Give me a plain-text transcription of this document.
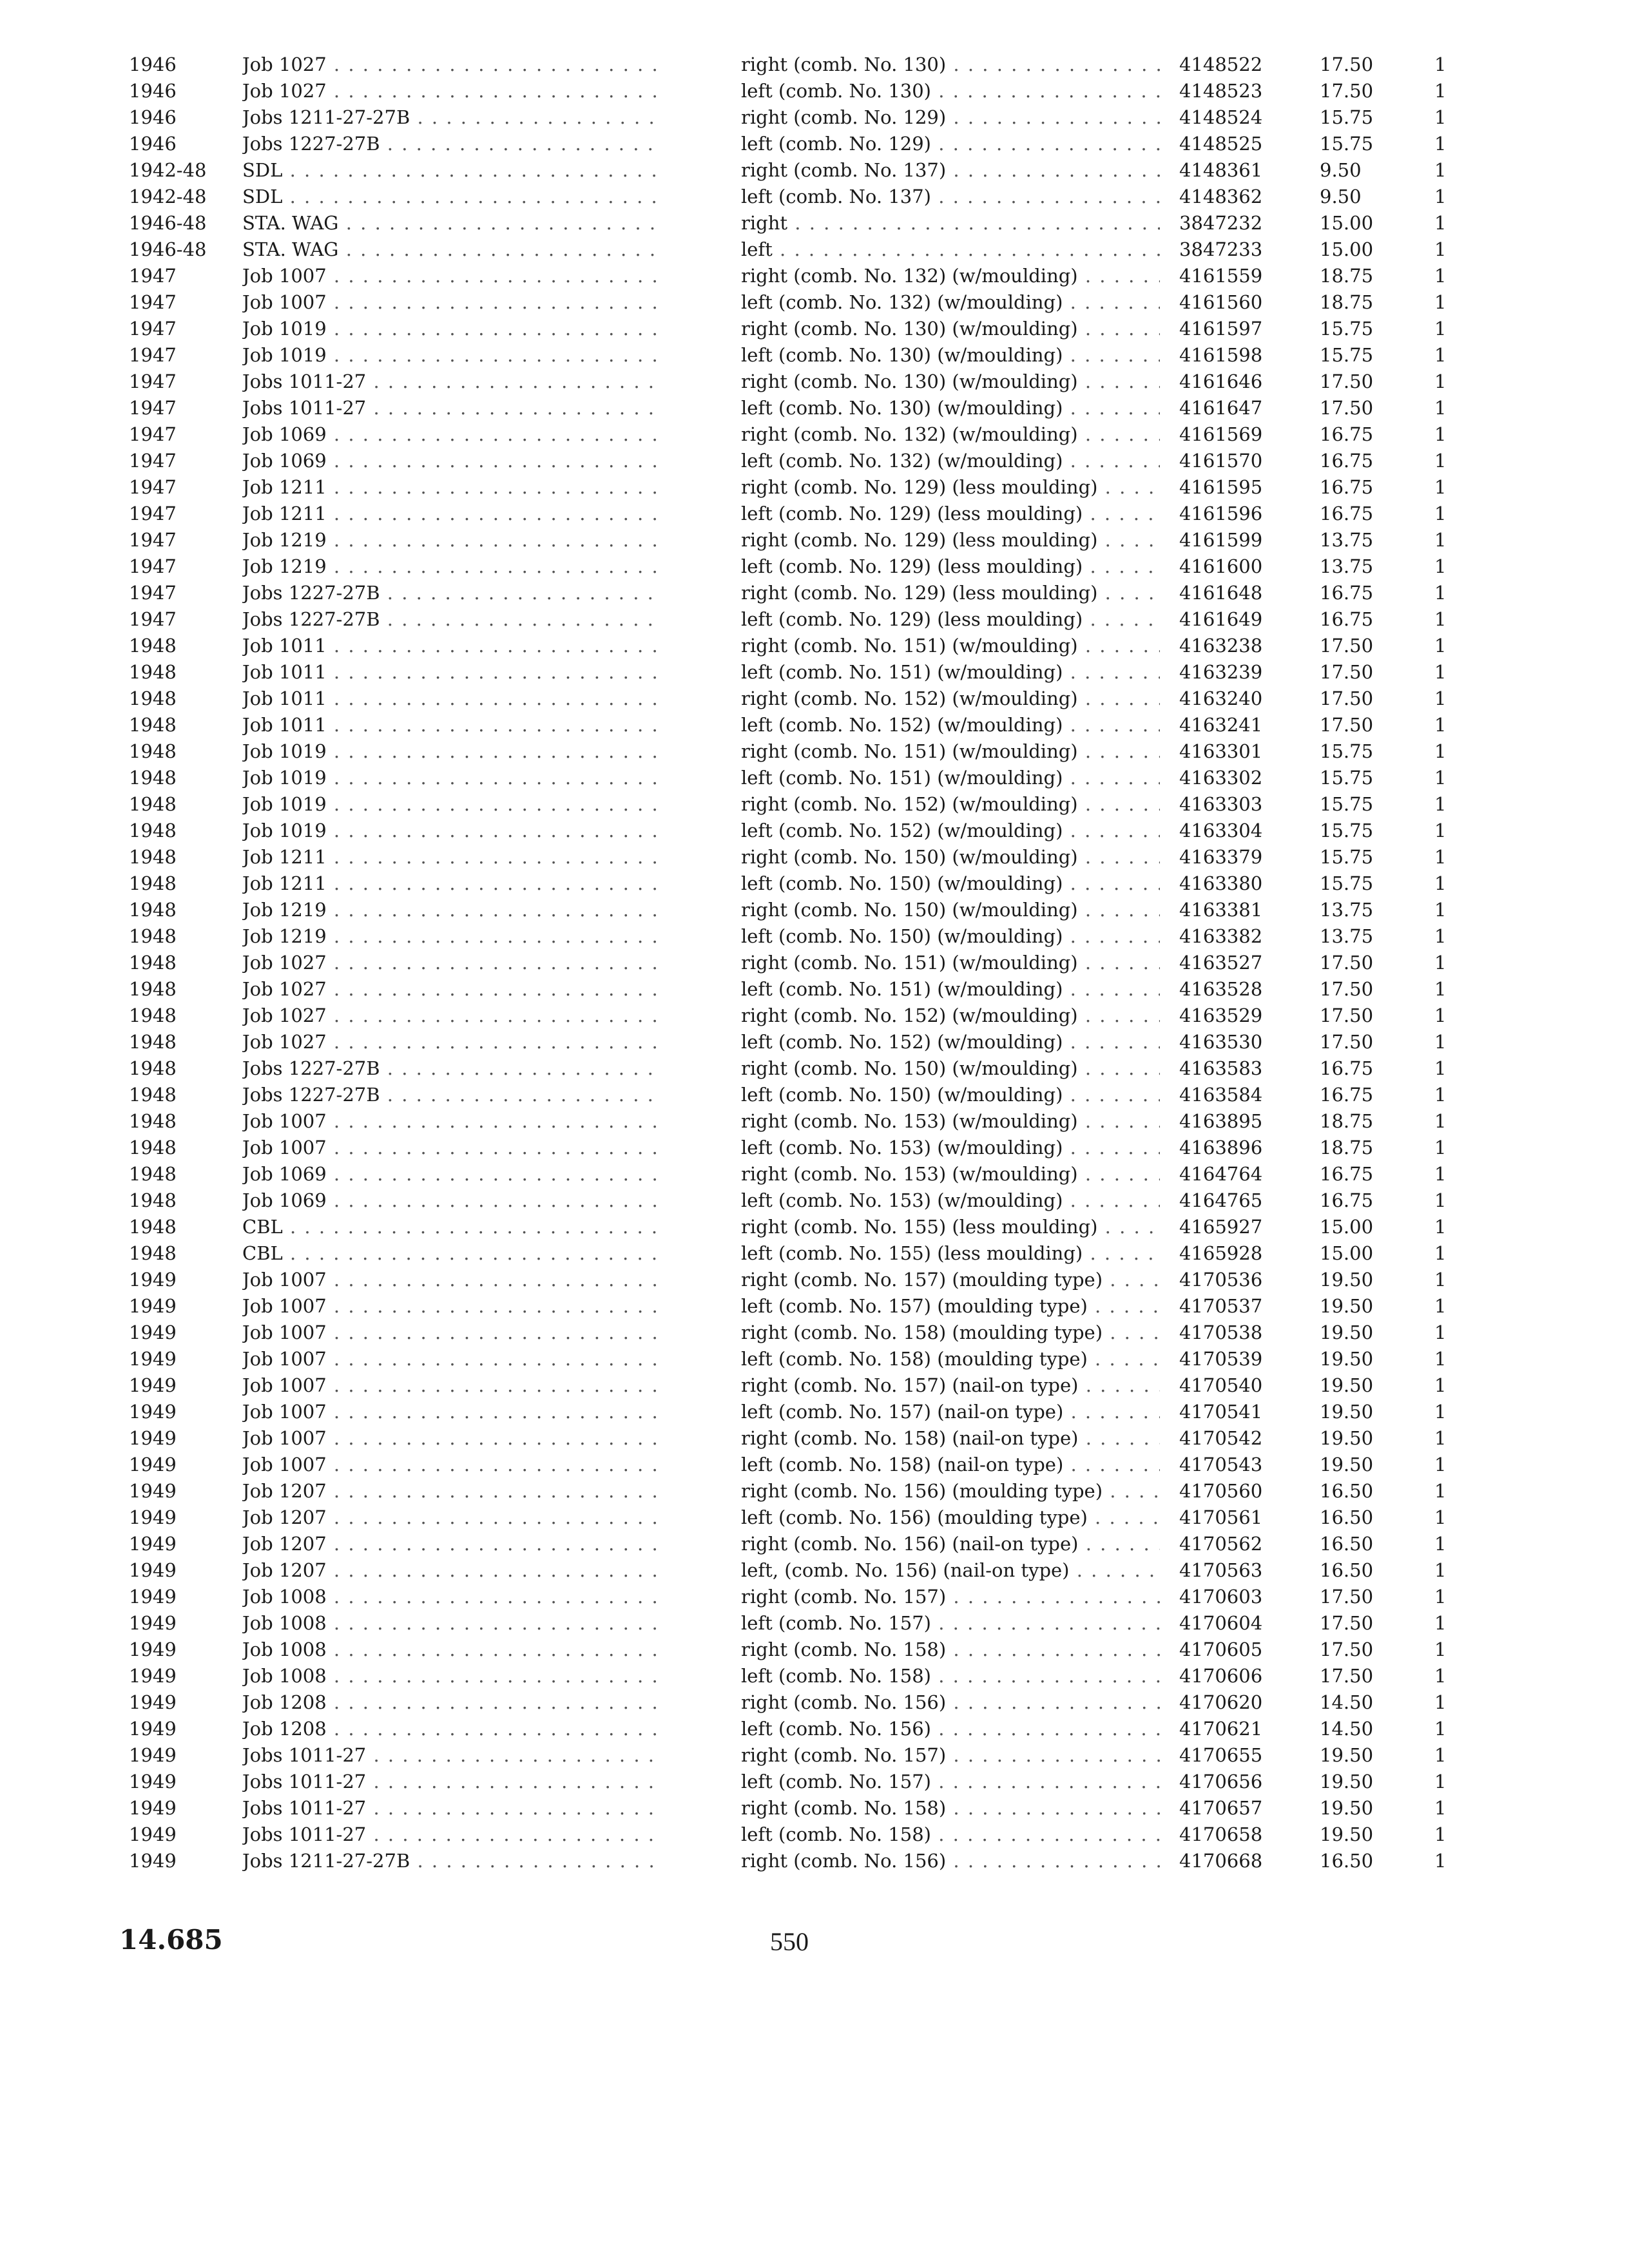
1946	Job 1027 . . .	right (comb. No. 130) . . .	4148522	17.50	1
1946	Job 1027 . . .	left (comb. No. 130) . . .	4148523	17.50	1
1946	Jobs 1211-27-27B . . .	right (comb. No. 129) . . .	4148524	15.75	1
1946	Jobs 1227-27B . . .	left (comb. No. 129) . . .	4148525	15.75	1
1942-48	SDL . . .	right (comb. No. 137) . . .	4148361	9.50	1
1942-48	SDL . . .	left (comb. No. 137) . . .	4148362	9.50	1
1946-48	STA. WAG . . .	right . . .	3847232	15.00	1
1946-48	STA. WAG . . .	left . . .	3847233	15.00	1
1947	Job 1007 . . .	right (comb. No. 132) (w/moulding) . . .	4161559	18.75	1
1947	Job 1007 . . .	left (comb. No. 132) (w/moulding) . . .	4161560	18.75	1
1947	Job 1019 . . .	right (comb. No. 130) (w/moulding) . . .	4161597	15.75	1
1947	Job 1019 . . .	left (comb. No. 130) (w/moulding) . . .	4161598	15.75	1
1947	Jobs 1011-27 . . .	right (comb. No. 130) (w/moulding) . . .	4161646	17.50	1
1947	Jobs 1011-27 . . .	left (comb. No. 130) (w/moulding) . . .	4161647	17.50	1
1947	Job 1069 . . .	right (comb. No. 132) (w/moulding) . . .	4161569	16.75	1
1947	Job 1069 . . .	left (comb. No. 132) (w/moulding) . . .	4161570	16.75	1
1947	Job 1211 . . .	right (comb. No. 129) (less moulding) . . .	4161595	16.75	1
1947	Job 1211 . . .	left (comb. No. 129) (less moulding) . . .	4161596	16.75	1
1947	Job 1219 . . .	right (comb. No. 129) (less moulding) . . .	4161599	13.75	1
1947	Job 1219 . . .	left (comb. No. 129) (less moulding) . . .	4161600	13.75	1
1947	Jobs 1227-27B . . .	right (comb. No. 129) (less moulding) . . .	4161648	16.75	1
1947	Jobs 1227-27B . . .	left (comb. No. 129) (less moulding) . . .	4161649	16.75	1
1948	Job 1011 . . .	right (comb. No. 151) (w/moulding) . . .	4163238	17.50	1
1948	Job 1011 . . .	left (comb. No. 151) (w/moulding) . . .	4163239	17.50	1
1948	Job 1011 . . .	right (comb. No. 152) (w/moulding) . . .	4163240	17.50	1
1948	Job 1011 . . .	left (comb. No. 152) (w/moulding) . . .	4163241	17.50	1
1948	Job 1019 . . .	right (comb. No. 151) (w/moulding) . . .	4163301	15.75	1
1948	Job 1019 . . .	left (comb. No. 151) (w/moulding) . . .	4163302	15.75	1
1948	Job 1019 . . .	right (comb. No. 152) (w/moulding) . . .	4163303	15.75	1
1948	Job 1019 . . .	left (comb. No. 152) (w/moulding) . . .	4163304	15.75	1
1948	Job 1211 . . .	right (comb. No. 150) (w/moulding) . . .	4163379	15.75	1
1948	Job 1211 . . .	left (comb. No. 150) (w/moulding) . . .	4163380	15.75	1
1948	Job 1219 . . .	right (comb. No. 150) (w/moulding) . . .	4163381	13.75	1
1948	Job 1219 . . .	left (comb. No. 150) (w/moulding) . . .	4163382	13.75	1
1948	Job 1027 . . .	right (comb. No. 151) (w/moulding) . . .	4163527	17.50	1
1948	Job 1027 . . .	left (comb. No. 151) (w/moulding) . . .	4163528	17.50	1
1948	Job 1027 . . .	right (comb. No. 152) (w/moulding) . . .	4163529	17.50	1
1948	Job 1027 . . .	left (comb. No. 152) (w/moulding) . . .	4163530	17.50	1
1948	Jobs 1227-27B . . .	right (comb. No. 150) (w/moulding) . . .	4163583	16.75	1
1948	Jobs 1227-27B . . .	left (comb. No. 150) (w/moulding) . . .	4163584	16.75	1
1948	Job 1007 . . .	right (comb. No. 153) (w/moulding) . . .	4163895	18.75	1
1948	Job 1007 . . .	left (comb. No. 153) (w/moulding) . . .	4163896	18.75	1
1948	Job 1069 . . .	right (comb. No. 153) (w/moulding) . . .	4164764	16.75	1
1948	Job 1069 . . .	left (comb. No. 153) (w/moulding) . . .	4164765	16.75	1
1948	CBL . . .	right (comb. No. 155) (less moulding) . . .	4165927	15.00	1
1948	CBL . . .	left (comb. No. 155) (less moulding) . . .	4165928	15.00	1
1949	Job 1007 . . .	right (comb. No. 157) (moulding type) . . .	4170536	19.50	1
1949	Job 1007 . . .	left (comb. No. 157) (moulding type) . . .	4170537	19.50	1
1949	Job 1007 . . .	right (comb. No. 158) (moulding type) . . .	4170538	19.50	1
1949	Job 1007 . . .	left (comb. No. 158) (moulding type) . . .	4170539	19.50	1
1949	Job 1007 . . .	right (comb. No. 157) (nail-on type) . . .	4170540	19.50	1
1949	Job 1007 . . .	left (comb. No. 157) (nail-on type) . . .	4170541	19.50	1
1949	Job 1007 . . .	right (comb. No. 158) (nail-on type) . . .	4170542	19.50	1
1949	Job 1007 . . .	left (comb. No. 158) (nail-on type) . . .	4170543	19.50	1
1949	Job 1207 . . .	right (comb. No. 156) (moulding type) . . .	4170560	16.50	1
1949	Job 1207 . . .	left (comb. No. 156) (moulding type) . . .	4170561	16.50	1
1949	Job 1207 . . .	right (comb. No. 156) (nail-on type) . . .	4170562	16.50	1
1949	Job 1207 . . .	left, (comb. No. 156) (nail-on type) . . .	4170563	16.50	1
1949	Job 1008 . . .	right (comb. No. 157) . . .	4170603	17.50	1
1949	Job 1008 . . .	left (comb. No. 157) . . .	4170604	17.50	1
1949	Job 1008 . . .	right (comb. No. 158) . . .	4170605	17.50	1
1949	Job 1008 . . .	left (comb. No. 158) . . .	4170606	17.50	1
1949	Job 1208 . . .	right (comb. No. 156) . . .	4170620	14.50	1
1949	Job 1208 . . .	left (comb. No. 156) . . .	4170621	14.50	1
1949	Jobs 1011-27 . . .	right (comb. No. 157) . . .	4170655	19.50	1
1949	Jobs 1011-27 . . .	left (comb. No. 157) . . .	4170656	19.50	1
1949	Jobs 1011-27 . . .	right (comb. No. 158) . . .	4170657	19.50	1
1949	Jobs 1011-27 . . .	left (comb. No. 158) . . .	4170658	19.50	1
1949	Jobs 1211-27-27B . . .	right (comb. No. 156) . . .	4170668	16.50	1
14.685	550
